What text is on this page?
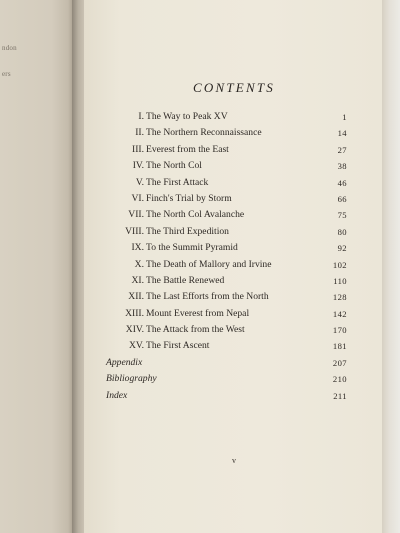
ndon
ers
CONTENTS
I. The Way to Peak XV	1
II. The Northern Reconnaissance	14
III. Everest from the East	27
IV. The North Col	38
V. The First Attack	46
VI. Finch's Trial by Storm	66
VII. The North Col Avalanche	75
VIII. The Third Expedition	80
IX. To the Summit Pyramid	92
X. The Death of Mallory and Irvine	102
XI. The Battle Renewed	110
XII. The Last Efforts from the North	128
XIII. Mount Everest from Nepal	142
XIV. The Attack from the West	170
XV. The First Ascent	181
Appendix	207
Bibliography	210
Index	211
v
